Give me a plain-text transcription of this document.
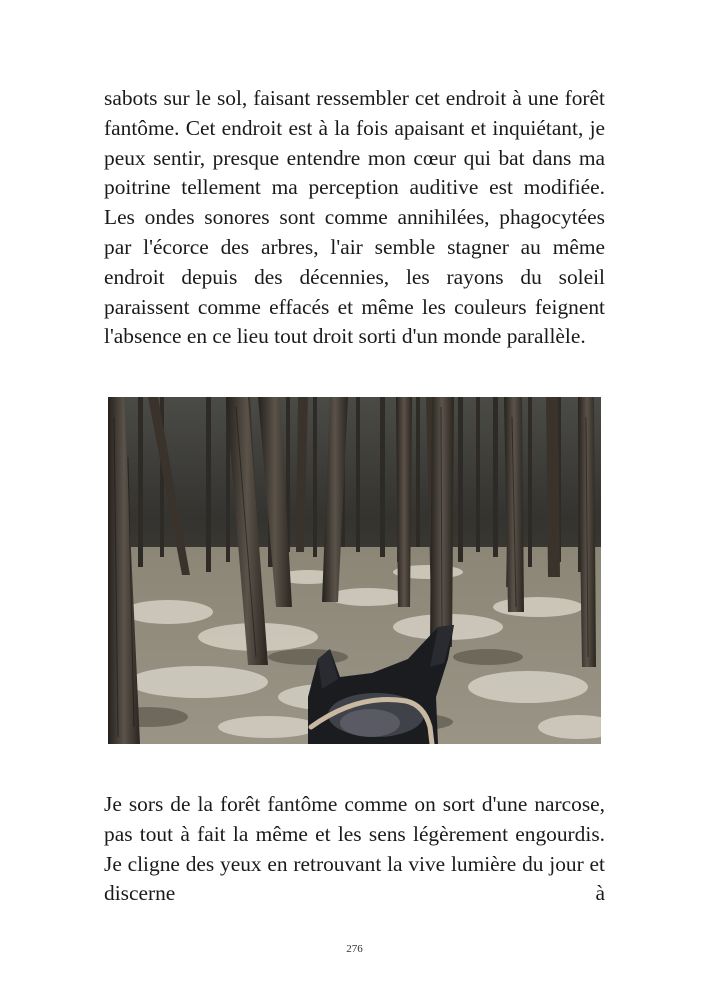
sabots sur le sol, faisant ressembler cet endroit à une forêt fantôme. Cet endroit est à la fois apaisant et inquiétant, je peux sentir, presque entendre mon cœur qui bat dans ma poitrine tellement ma perception auditive est modifiée. Les ondes sonores sont comme annihilées, phagocytées par l'écorce des arbres, l'air semble stagner au même endroit depuis des décennies, les rayons du soleil paraissent comme effacés et même les couleurs feignent l'absence en ce lieu tout droit sorti d'un monde parallèle.

Je sors de la forêt fantôme comme on sort d'une narcose, pas tout à fait la même et les sens légèrement engourdis. Je cligne des yeux en retrouvant la vive lumière du jour et discerne à

276
